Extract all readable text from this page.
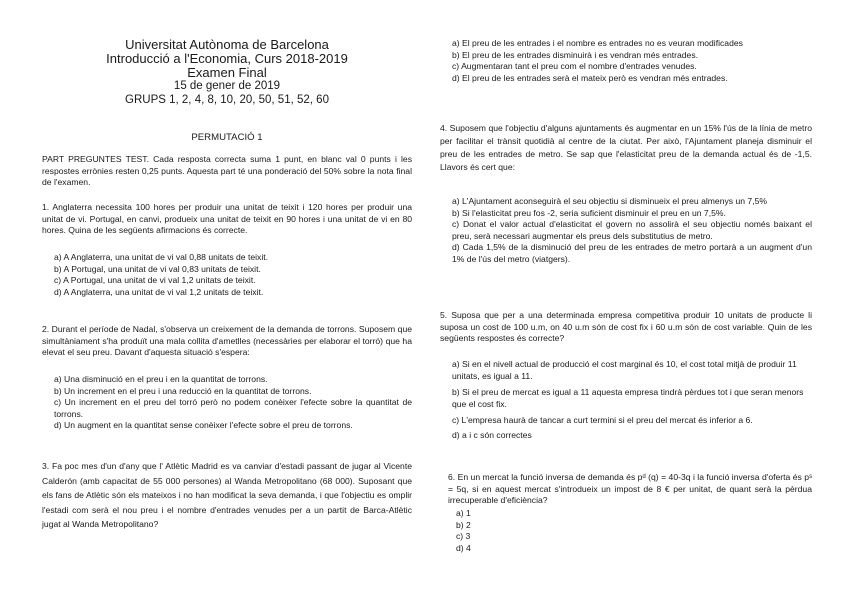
Universitat Autònoma de Barcelona
Introducció a l'Economia, Curs 2018-2019
Examen Final
15 de gener de 2019
GRUPS 1, 2, 4, 8, 10, 20, 50, 51, 52, 60
PERMUTACIÓ 1

PART PREGUNTES TEST. Cada resposta correcta suma 1 punt, en blanc val 0 punts i les respostes errònies resten 0,25 punts. Aquesta part té una ponderació del 50% sobre la nota final de l'examen.

1. Anglaterra necessita 100 hores per produir una unitat de teixit i 120 hores per produir una unitat de vi. Portugal, en canvi, produeix una unitat de teixit en 90 hores i una unitat de vi en 80 hores. Quina de les següents afirmacions és correcte.

a) A Anglaterra, una unitat de vi val 0,88 unitats de teixit.
b) A Portugal, una unitat de vi val 0,83 unitats de teixit.
c) A Portugal, una unitat de vi val 1,2 unitats de teixit.
d) A Anglaterra, una unitat de vi val 1,2 unitats de teixit.

2. Durant el període de Nadal, s'observa un creixement de la demanda de torrons. Suposem que simultàniament s'ha produït una mala collita d'ametlles (necessàries per elaborar el torró) que ha elevat el seu preu. Davant d'aquesta situació s'espera:

a) Una disminució en el preu i en la quantitat de torrons.
b) Un increment en el preu i una reducció en la quantitat de torrons.
c) Un increment en el preu del torró però no podem conèixer l'efecte sobre la quantitat de torrons.
d) Un augment en la quantitat sense conèixer l'efecte sobre el preu de torrons.

3. Fa poc mes d'un d'any que l' Atlètic Madrid es va canviar d'estadi passant de jugar al Vicente Calderón (amb capacitat de 55 000 persones) al Wanda Metropolitano (68 000). Suposant que els fans de Atlètic són els mateixos i no han modificat la seva demanda, i que l'objectiu es omplir l'estadi com serà el nou preu i el nombre d'entrades venudes per a un partit de Barca-Atlètic jugat al Wanda Metropolitano?

a) El preu de les entrades i el nombre es entrades no es veuran modificades
b) El preu de les entrades disminuirà i es vendran més entrades.
c) Augmentaran tant el preu com el nombre d'entrades venudes.
d) El preu de les entrades serà el mateix però es vendran més entrades.

4. Suposem que l'objectiu d'alguns ajuntaments és augmentar en un 15% l'ús de la línia de metro per facilitar el trànsit quotidià al centre de la ciutat. Per això, l'Ajuntament planeja disminuir el preu de les entrades de metro. Se sap que l'elasticitat preu de la demanda actual és de -1,5. Llavors és cert que:

a) L'Ajuntament aconseguirà el seu objectiu si disminueix el preu almenys un 7,5%
b) Si l'elasticitat preu fos -2, seria suficient disminuir el preu en un 7,5%.
c) Donat el valor actual d'elasticitat el govern no assolirà el seu objectiu només baixant el preu, serà necessari augmentar els preus dels substitutius de metro.
d) Cada 1,5% de la disminució del preu de les entrades de metro portarà a un augment d'un 1% de l'ús del metro (viatgers).

5. Suposa que per a una determinada empresa competitiva produir 10 unitats de producte li suposa un cost de 100 u.m, on 40 u.m són de cost fix i 60 u.m són de cost variable. Quin de les següents respostes és correcte?

a) Si en el nivell actual de producció el cost marginal és 10, el cost total mitjà de produir 11 unitats, es igual a 11.
b) Si el preu de mercat es igual a 11 aquesta empresa tindrà pèrdues tot i que seran menors que el cost fix.
c) L'empresa haurà de tancar a curt termini si el preu del mercat és inferior a 6.
d) a i c són correctes

6. En un mercat la funció inversa de demanda és pᵈ (q) = 40-3q i la funció inversa d'oferta és pˢ = 5q, si en aquest mercat s'introdueix un impost de 8 € per unitat, de quant serà la pèrdua irrecuperable d'eficiència?

a) 1
b) 2
c) 3
d) 4
